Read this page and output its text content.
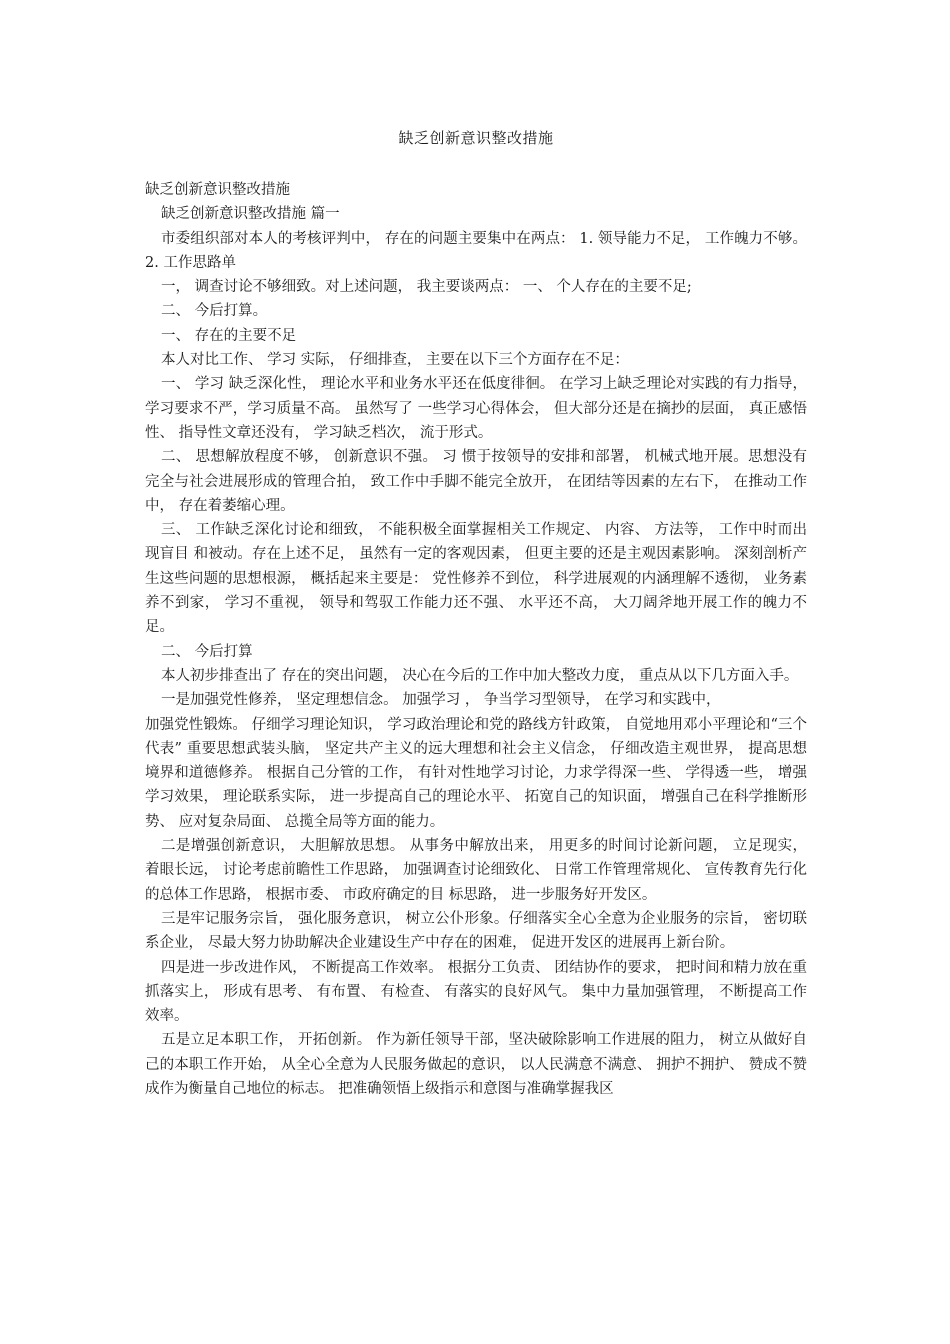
缺乏创新意识整改措施

缺乏创新意识整改措施

缺乏创新意识整改措施 篇一

市委组织部对本人的考核评判中， 存在的问题主要集中在两点： 1. 领导能力不足， 工作魄力不够。 2. 工作思路单

一， 调查讨论不够细致。对上述问题， 我主要谈两点： 一、 个人存在的主要不足;

二、 今后打算。

一、 存在的主要不足

本人对比工作、 学习 实际， 仔细排查， 主要在以下三个方面存在不足：

一、 学习 缺乏深化性， 理论水平和业务水平还在低度徘徊。 在学习上缺乏理论对实践的有力指导， 学习要求不严，学习质量不高。 虽然写了 一些学习心得体会， 但大部分还是在摘抄的层面， 真正感悟性、 指导性文章还没有， 学习缺乏档次， 流于形式。

二、 思想解放程度不够， 创新意识不强。 习 惯于按领导的安排和部署， 机械式地开展。思想没有完全与社会进展形成的管理合拍， 致工作中手脚不能完全放开， 在团结等因素的左右下， 在推动工作中， 存在着萎缩心理。

三、 工作缺乏深化讨论和细致， 不能积极全面掌握相关工作规定、 内容、 方法等， 工作中时而出现盲目 和被动。存在上述不足， 虽然有一定的客观因素， 但更主要的还是主观因素影响。 深刻剖析产生这些问题的思想根源， 概括起来主要是： 党性修养不到位， 科学进展观的内涵理解不透彻， 业务素养不到家， 学习不重视， 领导和驾驭工作能力还不强、 水平还不高， 大刀阔斧地开展工作的魄力不足。

二、 今后打算

本人初步排查出了 存在的突出问题， 决心在今后的工作中加大整改力度， 重点从以下几方面入手。

一是加强党性修养， 坚定理想信念。 加强学习 ， 争当学习型领导， 在学习和实践中，

加强党性锻炼。 仔细学习理论知识， 学习政治理论和党的路线方针政策， 自觉地用邓小平理论和“三个代表” 重要思想武装头脑， 坚定共产主义的远大理想和社会主义信念， 仔细改造主观世界， 提高思想境界和道德修养。 根据自己分管的工作， 有针对性地学习讨论，力求学得深一些、 学得透一些， 增强学习效果， 理论联系实际， 进一步提高自己的理论水平、 拓宽自己的知识面， 增强自己在科学推断形势、 应对复杂局面、 总揽全局等方面的能力。

二是增强创新意识， 大胆解放思想。 从事务中解放出来， 用更多的时间讨论新问题， 立足现实， 着眼长远， 讨论考虑前瞻性工作思路， 加强调查讨论细致化、 日常工作管理常规化、 宣传教育先行化的总体工作思路， 根据市委、 市政府确定的目 标思路， 进一步服务好开发区。

三是牢记服务宗旨， 强化服务意识， 树立公仆形象。仔细落实全心全意为企业服务的宗旨， 密切联系企业， 尽最大努力协助解决企业建设生产中存在的困难， 促进开发区的进展再上新台阶。

四是进一步改进作风， 不断提高工作效率。 根据分工负责、 团结协作的要求， 把时间和精力放在重抓落实上， 形成有思考、 有布置、 有检查、 有落实的良好风气。 集中力量加强管理， 不断提高工作效率。

五是立足本职工作， 开拓创新。 作为新任领导干部，坚决破除影响工作进展的阻力， 树立从做好自己的本职工作开始， 从全心全意为人民服务做起的意识， 以人民满意不满意、 拥护不拥护、 赞成不赞成作为衡量自己地位的标志。 把准确领悟上级指示和意图与准确掌握我区
